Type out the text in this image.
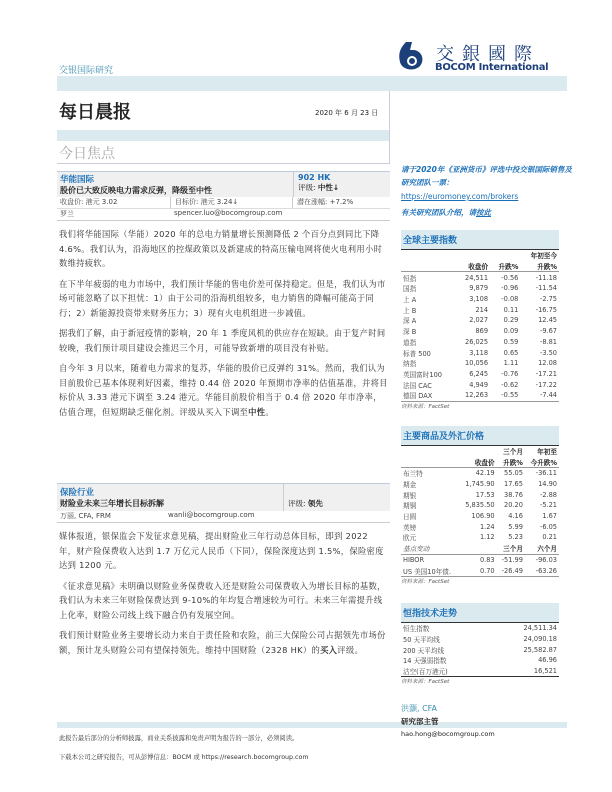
交銀國際
BOCOM International
交银国际研究
每日晨报	2020 年 6 月 23 日
今日焦点
华能国际
股价已大致反映电力需求反弹，降级至中性
902 HK
评级: 中性↓
收盘价: 港元 3.02	目标价: 港元 3.24↓	潜在涨幅: +7.2%
罗兰	spencer.luo@bocomgroup.com
我们将华能国际（华能）2020 年的总电力销量增长预测降低 2 个百分点到同比下降 4.6%。我们认为，沿海地区的控煤政策以及新建成的特高压输电网将使火电利用小时数维持疲软。
在下半年疲弱的电力市场中，我们预计华能的售电价差可保持稳定。但是，我们认为市场可能忽略了以下担忧：1）由于公司的沿海机组较多，电力销售的降幅可能高于同行；2）新能源投资带来财务压力；3）现有火电机组进一步减值。
据我们了解，由于新冠疫情的影响，20 年 1 季度风机的供应存在短缺。由于复产时间较晚，我们预计项目建设会推迟三个月，可能导致新增的项目没有补贴。
自今年 3 月以来，随着电力需求的复苏，华能的股价已反弹约 31%。然而，我们认为目前股价已基本体现利好因素，维持 0.44 倍 2020 年预期市净率的估值基准，并将目标价从 3.33 港元下调至 3.24 港元。华能目前股价相当于 0.4 倍 2020 年市净率，估值合理，但短期缺乏催化剂。评级从买入下调至中性。
保险行业
财险业未来三年增长目标拆解	评级: 领先
万丽, CFA, FRM	wanli@bocomgroup.com
媒体报道，银保监会下发征求意见稿，提出财险业三年行动总体目标，即到 2022 年，财产险保费收入达到 1.7 万亿元人民币（下同），保险深度达到 1.5%，保险密度达到 1200 元。
《征求意见稿》未明确以财险业务保费收入还是财险公司保费收入为增长目标的基数，我们认为未来三年财险保费达到 9-10%的年均复合增速较为可行。未来三年需提升线上化率，财险公司线上线下融合仍有发展空间。
我们预计财险业务主要增长动力来自于责任险和农险，前三大保险公司占据领先市场份额，预计龙头财险公司有望保持领先。维持中国财险（2328 HK）的买入评级。
请于2020年《亚洲货币》评选中投交银国际销售及研究团队一票：
https://euromoney.com/brokers
有关研究团队介绍，请按此
全球主要指数
			年初至今
	收盘价	升跌%	升跌%
恒指	24,511	-0.56	-11.18
国指	9,879	-0.96	-11.54
上 A	3,108	-0.08	-2.75
上 B	214	0.11	-16.75
深 A	2,027	0.29	12.45
深 B	869	0.09	-9.67
道指	26,025	0.59	-8.81
标普 500	3,118	0.65	-3.50
纳指	10,056	1.11	12.08
英国富时100	6,245	-0.76	-17.21
法国 CAC	4,949	-0.62	-17.22
德国 DAX	12,263	-0.55	-7.44
资料来源：FactSet
主要商品及外汇价格
		三个月	年初至
	收盘价	升跌%	今升跌%
布兰特	42.19	55.05	-36.11
期金	1,745.90	17.65	14.90
期银	17.53	38.76	-2.88
期铜	5,835.50	20.20	-5.21
日圆	106.90	4.16	1.67
英镑	1.24	5.99	-6.05
欧元	1.12	5.23	0.21
基点变动		三个月	六个月
HIBOR	0.83	-51.99	-96.03
US 美国10年债.	0.70	-26.49	-63.26
资料来源：FactSet
恒指技术走势
恒生指数	24,511.34
50 天平均线	24,090.18
200 天平均线	25,582.87
14 天强弱指数	46.96
沽空(百万港元)	16,521
资料来源：FactSet
洪灝, CFA
研究部主管
hao.hong@bocomgroup.com
此报告最后部分的分析师披露，商业关系披露和免责声明为报告的一部分，必须阅读。
下载本公司之研究报告，可从彭博信息：BOCM 或 https://research.bocomgroup.com
